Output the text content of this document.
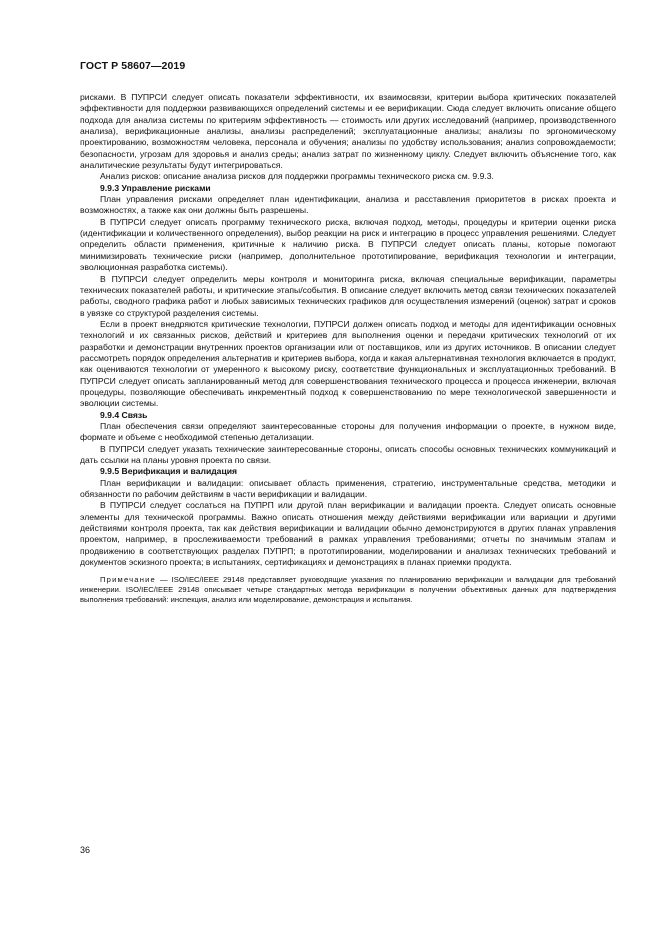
ГОСТ Р 58607—2019

рисками. В ПУПРСИ следует описать показатели эффективности, их взаимосвязи, критерии выбора критических показателей эффективности для поддержки развивающихся определений системы и ее верификации. Сюда следует включить описание общего подхода для анализа системы по критериям эффективность — стоимость или других исследований (например, производственного анализа), верификационные анализы, анализы распределений; эксплуатационные анализы; анализы по эргономическому проектированию, возможностям человека, персонала и обучения; анализы по удобству использования; анализ сопровождаемости; безопасности, угрозам для здоровья и анализ среды; анализ затрат по жизненному циклу. Следует включить объяснение того, как аналитические результаты будут интегрироваться.

Анализ рисков: описание анализа рисков для поддержки программы технического риска см. 9.9.3.

9.9.3 Управление рисками

План управления рисками определяет план идентификации, анализа и расставления приоритетов в рисках проекта и возможностях, а также как они должны быть разрешены.

В ПУПРСИ следует описать программу технического риска, включая подход, методы, процедуры и критерии оценки риска (идентификации и количественного определения), выбор реакции на риск и интеграцию в процесс управления решениями. Следует определить области применения, критичные к наличию риска. В ПУПРСИ следует описать планы, которые помогают минимизировать технические риски (например, дополнительное прототипирование, верификация технологии и интеграции, эволюционная разработка системы).

В ПУПРСИ следует определить меры контроля и мониторинга риска, включая специальные верификации, параметры технических показателей работы, и критические этапы/события. В описание следует включить метод связи технических показателей работы, сводного графика работ и любых зависимых технических графиков для осуществления измерений (оценок) затрат и сроков в увязке со структурой разделения системы.

Если в проект внедряются критические технологии, ПУПРСИ должен описать подход и методы для идентификации основных технологий и их связанных рисков, действий и критериев для выполнения оценки и передачи критических технологий от их разработки и демонстрации внутренних проектов организации или от поставщиков, или из других источников. В описании следует рассмотреть порядок определения альтернатив и критериев выбора, когда и какая альтернативная технология включается в продукт, как оцениваются технологии от умеренного к высокому риску, соответствие функциональных и эксплуатационных требований. В ПУПРСИ следует описать запланированный метод для совершенствования технического процесса и процесса инженерии, включая процедуры, позволяющие обеспечивать инкрементный подход к совершенствованию по мере технологической завершенности и эволюции системы.

9.9.4 Связь

План обеспечения связи определяют заинтересованные стороны для получения информации о проекте, в нужном виде, формате и объеме с необходимой степенью детализации.

В ПУПРСИ следует указать технические заинтересованные стороны, описать способы основных технических коммуникаций и дать ссылки на планы уровня проекта по связи.

9.9.5 Верификация и валидация

План верификации и валидации: описывает область применения, стратегию, инструментальные средства, методики и обязанности по рабочим действиям в части верификации и валидации.

В ПУПРСИ следует сослаться на ПУПРП или другой план верификации и валидации проекта. Следует описать основные элементы для технической программы. Важно описать отношения между действиями верификации или вариации и другими действиями контроля проекта, так как действия верификации и валидации обычно демонстрируются в других планах управления проектом, например, в прослеживаемости требований в рамках управления требованиями; отчеты по значимым этапам и продвижению в соответствующих разделах ПУПРП; в прототипировании, моделировании и анализах технических требований и документов эскизного проекта; в испытаниях, сертификациях и демонстрациях в планах приемки продукта.

Примечание — ISO/IEC/IEEE 29148 представляет руководящие указания по планированию верификации и валидации для требований инженерии. ISO/IEC/IEEE 29148 описывает четыре стандартных метода верификации в получении объективных данных для подтверждения выполнения требований: инспекция, анализ или моделирование, демонстрация и испытания.
36
